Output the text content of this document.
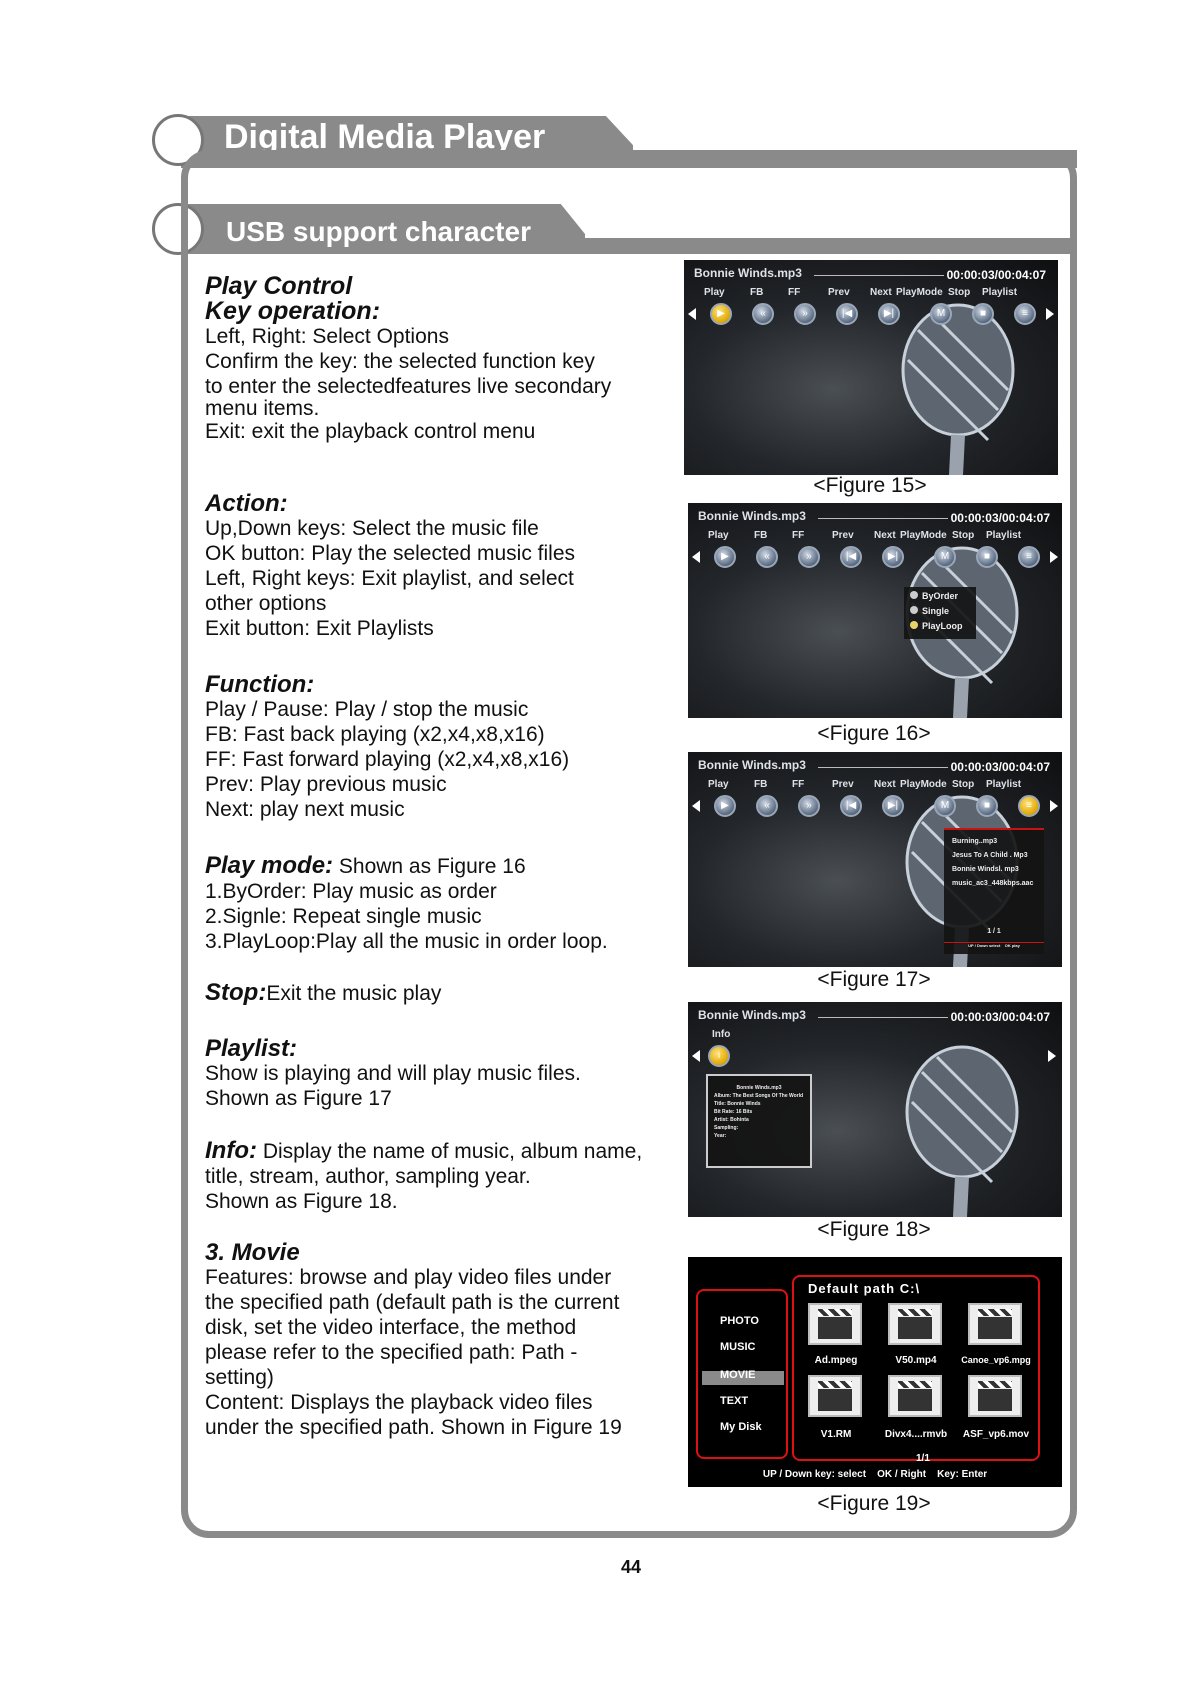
Digital Media Player
USB support character
Play Control
Key operation:
Left, Right: Select Options
Confirm the key: the selected function key
to enter the selectedfeatures live secondary
menu items.
Exit: exit the playback control menu
Action:
Up,Down keys: Select the music file
OK button: Play the selected music files
Left, Right keys: Exit playlist, and select
other options
Exit button: Exit Playlists
Function:
Play / Pause: Play / stop the music
FB: Fast back playing (x2,x4,x8,x16)
FF: Fast forward playing (x2,x4,x8,x16)
Prev: Play previous music
Next: play next music
Play mode: Shown as Figure 16
1.ByOrder: Play music as order
2.Signle: Repeat single music
3.PlayLoop:Play all the music in order loop.
Stop:Exit the music play
Playlist:
Show is playing and will play music files.
Shown as Figure 17
Info: Display the name of music, album name,
title, stream, author, sampling year.
Shown as Figure 18.
3. Movie
Features: browse and play video files under
the specified path (default path is the current
disk, set the video interface, the method
please refer to the specified path: Path -
setting)
Content: Displays the playback video files
under the specified path. Shown in Figure 19
Bonnie Winds.mp3	00:00:03/00:04:07
Play
▶
FB
«
FF
»
Prev
|◀
Next
▶|
PlayMode
M
Stop
■
Playlist
≡
<Figure 15>
Bonnie Winds.mp3	00:00:03/00:04:07
Play
▶
FB
«
FF
»
Prev
|◀
Next
▶|
PlayMode
M
Stop
■
Playlist
≡
ByOrder
Single
PlayLoop
<Figure 16>
Bonnie Winds.mp3	00:00:03/00:04:07
Play
▶
FB
«
FF
»
Prev
|◀
Next
▶|
PlayMode
M
Stop
■
Playlist
≡
Burning..mp3
Jesus To A Child . Mp3
Bonnie Windsl. mp3
music_ac3_448kbps.aac
1 / 1
UP / Down select    OK play
<Figure 17>
Bonnie Winds.mp3	00:00:03/00:04:07
Info
i
Bonnie Winds.mp3
Album: The Best Songs Of The World
Title: Bonnie Winds
Bit Rate: 16 Bits
Artist: Bohinta
Sampling:
Year:
<Figure 18>
PHOTO
MUSIC
MOVIE
TEXT
My Disk
Default path C:\
Ad.mpeg	V50.mp4	Canoe_vp6.mpg
V1.RM	Divx4....rmvb	ASF_vp6.mov
1/1
UP / Down key: select    OK / Right    Key: Enter
<Figure 19>
44
